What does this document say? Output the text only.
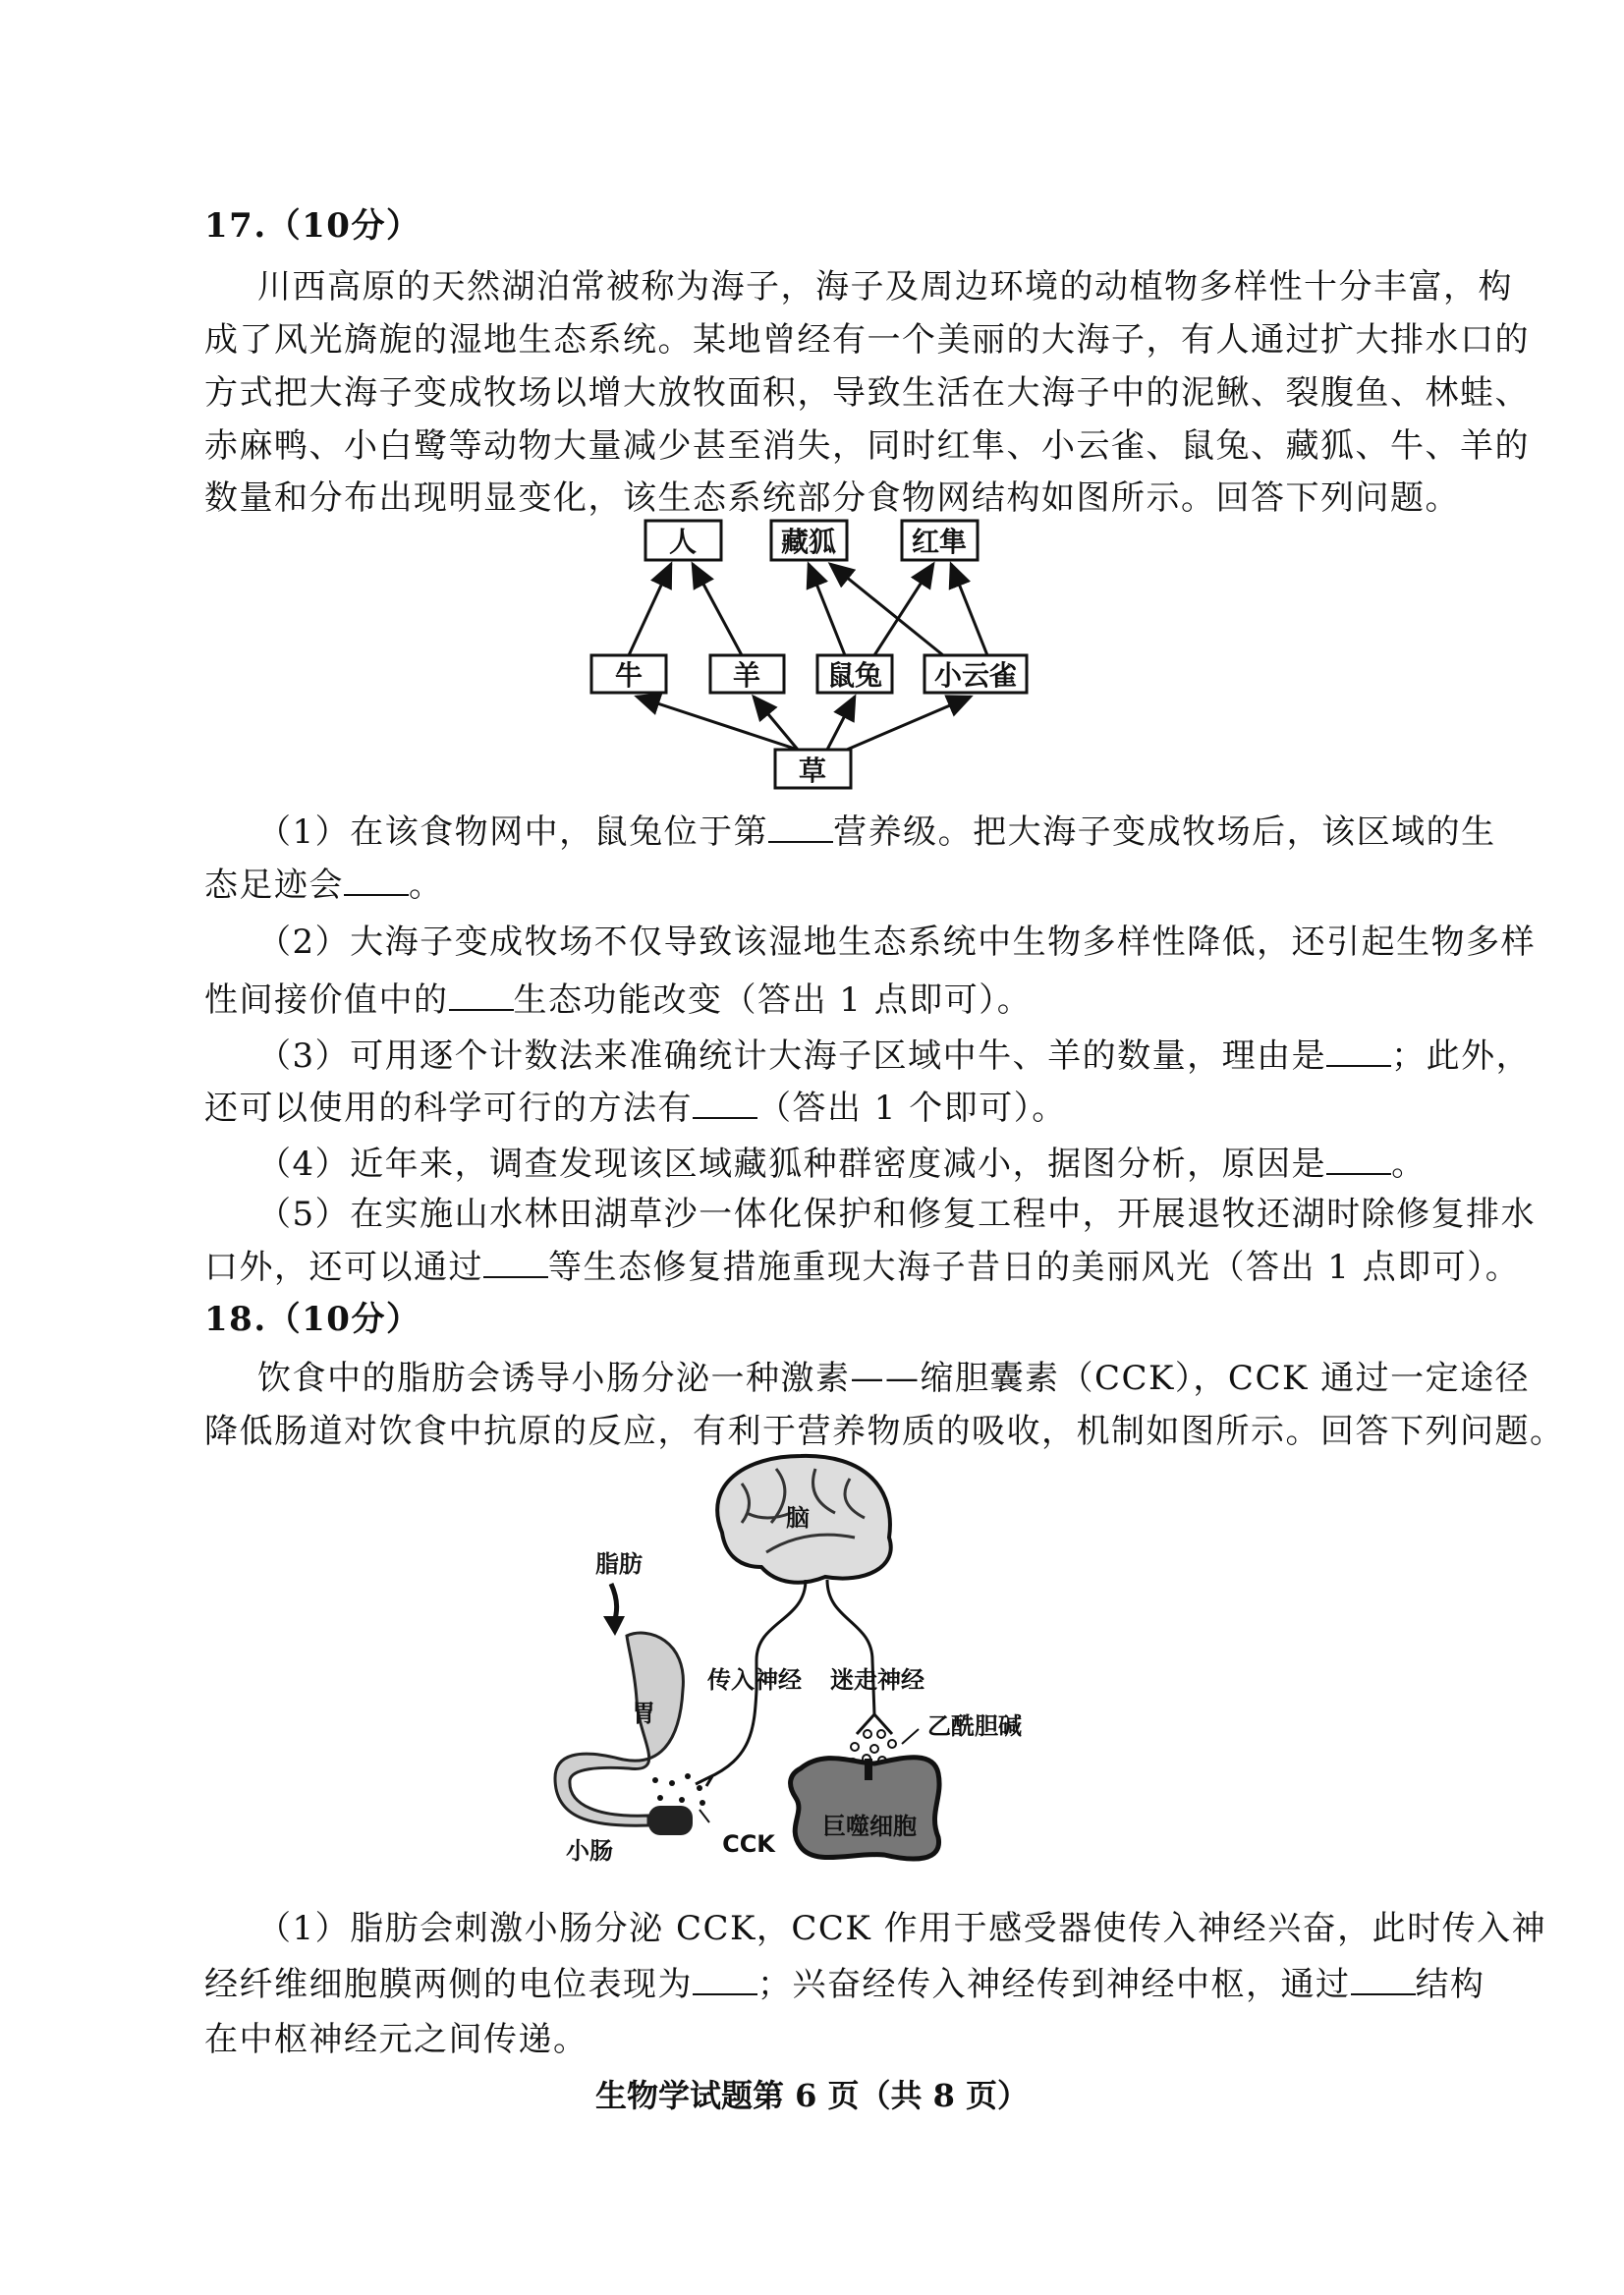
17.（10分）
川西高原的天然湖泊常被称为海子，海子及周边环境的动植物多样性十分丰富，构
成了风光旖旎的湿地生态系统。某地曾经有一个美丽的大海子，有人通过扩大排水口的
方式把大海子变成牧场以增大放牧面积，导致生活在大海子中的泥鳅、裂腹鱼、林蛙、
赤麻鸭、小白鹭等动物大量减少甚至消失，同时红隼、小云雀、鼠兔、藏狐、牛、羊的
数量和分布出现明显变化，该生态系统部分食物网结构如图所示。回答下列问题。
人	藏狐	红隼
牛	羊 鼠兔 小云雀
草
（1）在该食物网中，鼠兔位于第 营养级。把大海子变成牧场后，该区域的生
态足迹会 。
（2）大海子变成牧场不仅导致该湿地生态系统中生物多样性降低，还引起生物多样
性间接价值中的 生态功能改变（答出 1 点即可）。
（3）可用逐个计数法来准确统计大海子区域中牛、羊的数量，理由是 ；此外，
还可以使用的科学可行的方法有 （答出 1 个即可）。
（4）近年来，调查发现该区域藏狐种群密度减小，据图分析，原因是 。
（5）在实施山水林田湖草沙一体化保护和修复工程中，开展退牧还湖时除修复排水
口外，还可以通过 等生态修复措施重现大海子昔日的美丽风光（答出 1 点即可）。
18.（10分）
饮食中的脂肪会诱导小肠分泌一种激素——缩胆囊素（CCK），CCK 通过一定途径
降低肠道对饮食中抗原的反应，有利于营养物质的吸收，机制如图所示。回答下列问题。
脑
脂肪
胃
小肠	CCK
传入神经 迷走神经
乙酰胆碱
巨噬细胞
（1）脂肪会刺激小肠分泌 CCK，CCK 作用于感受器使传入神经兴奋，此时传入神
经纤维细胞膜两侧的电位表现为 ；兴奋经传入神经传到神经中枢，通过 结构
在中枢神经元之间传递。
生物学试题第 6 页（共 8 页）
